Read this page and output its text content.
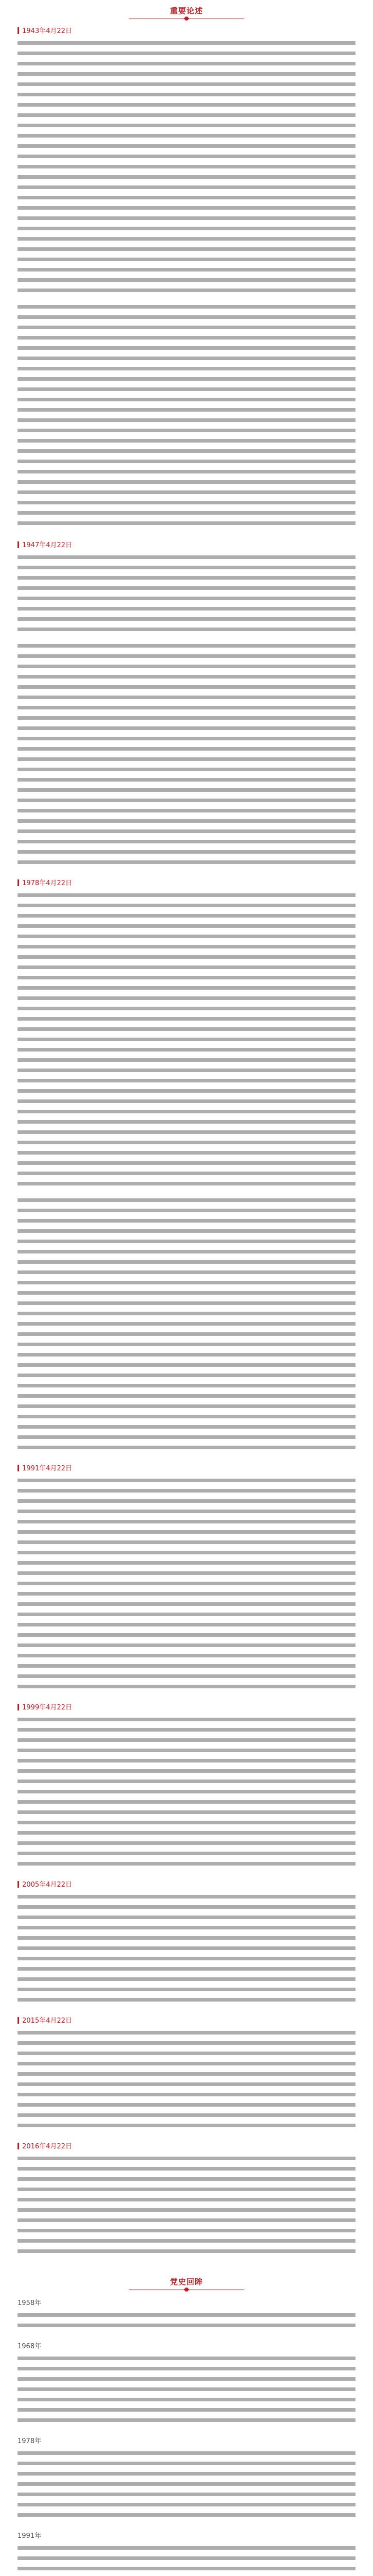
重要论述
1943年4月22日
1947年4月22日
1978年4月22日
1991年4月22日
1999年4月22日
2005年4月22日
2015年4月22日
2016年4月22日
党史回眸
1958年
1968年
1978年
1991年
